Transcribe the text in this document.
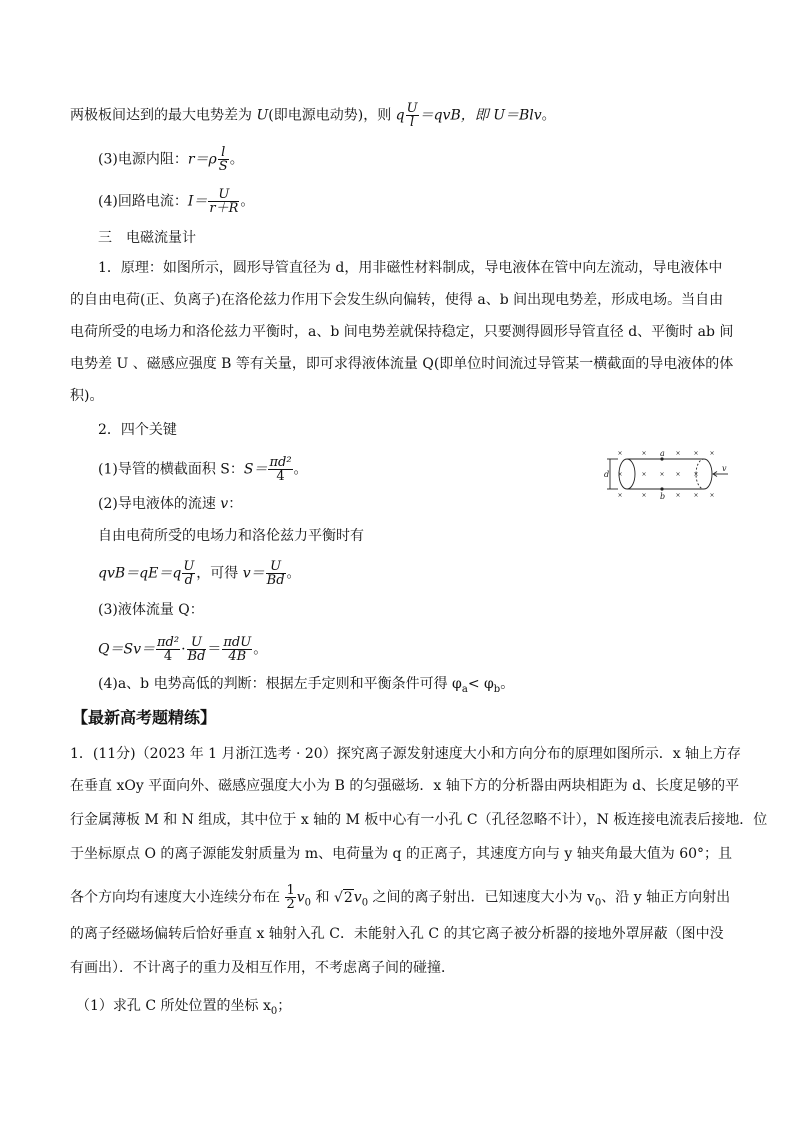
两极板间达到的最大电势差为 U(即电源电动势)，则 q $\frac{U}{l} =qvB$，即 U＝Blv。
(3)电源内阻：$r=\rho \frac{l}{S}$ 。
(4)回路电流：$I= \frac{U}{r+R}$ 。
三　电磁流量计
1．原理：如图所示，圆形导管直径为 d，用非磁性材料制成，导电液体在管中向左流动，导电液体中
的自由电荷(正、负离子)在洛伦兹力作用下会发生纵向偏转，使得 a、b 间出现电势差，形成电场。当自由
电荷所受的电场力和洛伦兹力平衡时，a、b 间电势差就保持稳定，只要测得圆形导管直径 d、平衡时 ab 间
电势差 U 、磁感应强度 B 等有关量，即可求得液体流量 Q(即单位时间流过导管某一横截面的导电液体的体
积)。
2．四个关键
(1)导管的横截面积 S：$S= \frac{\text{πd²}}{4}$ 。
(2)导电液体的流速 v：
自由电荷所受的电场力和洛伦兹力平衡时有
$qvB=qE=q \frac{U}{d}$ ，可得 $v= \frac{U}{Bd}$ 。
(3)液体流量 Q：
$Q=Sv= \frac{\text{πd²}}{4} \cdot \frac{U}{Bd} = \frac{\text{πdU}}{4B}$ 。
(4)a、b 电势高低的判断：根据左手定则和平衡条件可得 $\varphi_a< \varphi_b$。
【最新高考题精练】
1．(11分)（2023 年 1 月浙江选考 · 20）探究离子源发射速度大小和方向分布的原理如图所示．x 轴上方存
在垂直 xOy 平面向外、磁感应强度大小为 B 的匀强磁场．x 轴下方的分析器由两块相距为 d、长度足够的平
行金属薄板 M 和 N 组成，其中位于 x 轴的 M 板中心有一小孔 C（孔径忽略不计），N 板连接电流表后接地．位
于坐标原点 O 的离子源能发射质量为 m、电荷量为 q 的正离子，其速度方向与 y 轴夹角最大值为 60°；且
各个方向均有速度大小连续分布在 $\frac{1}{2} v_0$ 和 $√2v_0$ 之间的离子射出．已知速度大小为 $v_0$、沿 y 轴正方向射出
的离子经磁场偏转后恰好垂直 x 轴射入孔 C．未能射入孔 C 的其它离子被分析器的接地外罩屏蔽（图中没
有画出）．不计离子的重力及相互作用，不考虑离子间的碰撞．
（1）求孔 C 所处位置的坐标 $x_0$；
×	×	× × ×
×	× × × ×
×	×	× × ×
a
b
d
v
